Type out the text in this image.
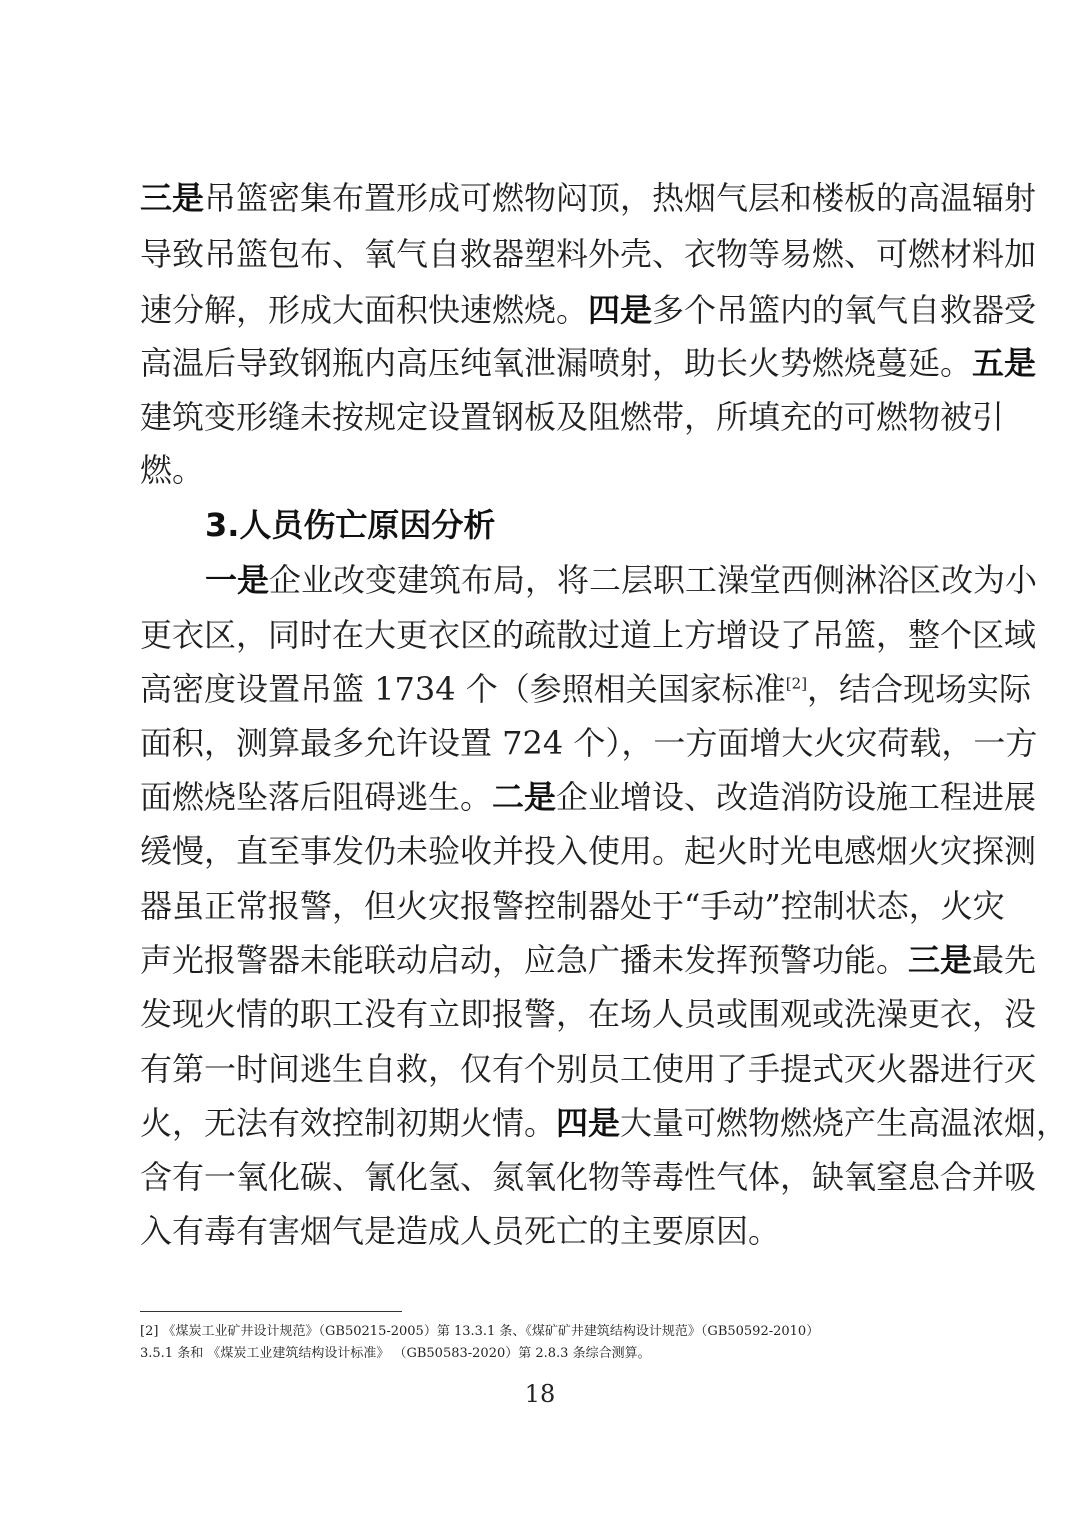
三是吊篮密集布置形成可燃物闷顶，热烟气层和楼板的高温辐射
导致吊篮包布、氧气自救器塑料外壳、衣物等易燃、可燃材料加
速分解，形成大面积快速燃烧。四是多个吊篮内的氧气自救器受
高温后导致钢瓶内高压纯氧泄漏喷射，助长火势燃烧蔓延。五是
建筑变形缝未按规定设置钢板及阻燃带，所填充的可燃物被引
燃。
3.人员伤亡原因分析
一是企业改变建筑布局，将二层职工澡堂西侧淋浴区改为小
更衣区，同时在大更衣区的疏散过道上方增设了吊篮，整个区域
高密度设置吊篮 1734 个（参照相关国家标准[2]，结合现场实际
面积，测算最多允许设置 724 个），一方面增大火灾荷载，一方
面燃烧坠落后阻碍逃生。二是企业增设、改造消防设施工程进展
缓慢，直至事发仍未验收并投入使用。起火时光电感烟火灾探测
器虽正常报警，但火灾报警控制器处于“手动”控制状态，火灾
声光报警器未能联动启动，应急广播未发挥预警功能。三是最先
发现火情的职工没有立即报警，在场人员或围观或洗澡更衣，没
有第一时间逃生自救，仅有个别员工使用了手提式灭火器进行灭
火，无法有效控制初期火情。四是大量可燃物燃烧产生高温浓烟，
含有一氧化碳、氰化氢、氮氧化物等毒性气体，缺氧窒息合并吸
入有毒有害烟气是造成人员死亡的主要原因。
[2] 《煤炭工业矿井设计规范》（GB50215-2005）第 13.3.1 条、《煤矿矿井建筑结构设计规范》（GB50592-2010）
3.5.1 条和 《煤炭工业建筑结构设计标准》 （GB50583-2020）第 2.8.3 条综合测算。
18
